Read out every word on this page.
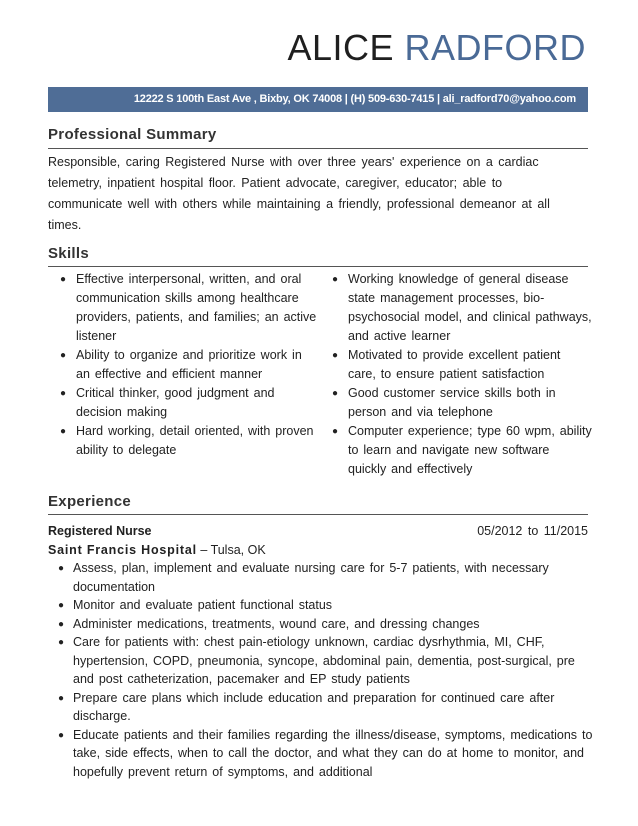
ALICE RADFORD
12222 S 100th East Ave , Bixby, OK 74008 | (H) 509-630-7415 | ali_radford70@yahoo.com
Professional Summary
Responsible, caring Registered Nurse with over three years' experience on a cardiac telemetry, inpatient hospital floor. Patient advocate, caregiver, educator; able to communicate well with others while maintaining a friendly, professional demeanor at all times.
Skills
● Effective interpersonal, written, and oral communication skills among healthcare providers, patients, and families; an active listener
● Ability to organize and prioritize work in an effective and efficient manner
● Critical thinker, good judgment and decision making
● Hard working, detail oriented, with proven ability to delegate
● Working knowledge of general disease state management processes, bio-psychosocial model, and clinical pathways, and active learner
● Motivated to provide excellent patient care, to ensure patient satisfaction
● Good customer service skills both in person and via telephone
● Computer experience; type 60 wpm, ability to learn and navigate new software quickly and effectively
Experience
Registered Nurse	05/2012 to 11/2015
Saint Francis Hospital – Tulsa, OK
● Assess, plan, implement and evaluate nursing care for 5-7 patients, with necessary documentation
● Monitor and evaluate patient functional status
● Administer medications, treatments, wound care, and dressing changes
● Care for patients with: chest pain-etiology unknown, cardiac dysrhythmia, MI, CHF, hypertension, COPD, pneumonia, syncope, abdominal pain, dementia, post-surgical, pre and post catheterization, pacemaker and EP study patients
● Prepare care plans which include education and preparation for continued care after discharge.
● Educate patients and their families regarding the illness/disease, symptoms, medications to take, side effects, when to call the doctor, and what they can do at home to monitor, and hopefully prevent return of symptoms, and additional
